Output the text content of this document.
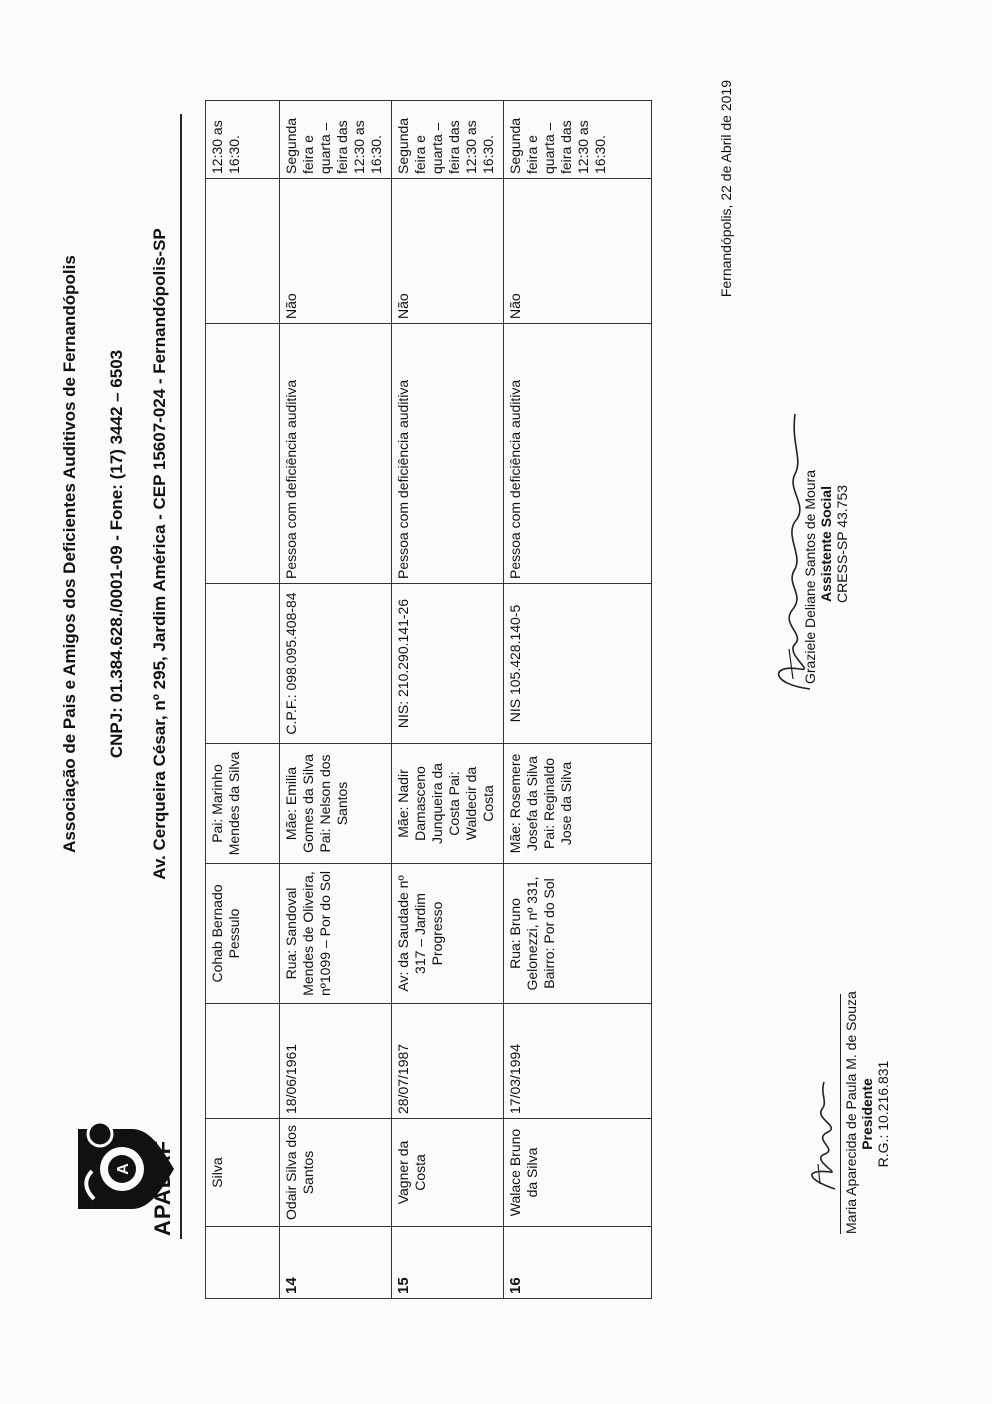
A APADAF
Associação de Pais e Amigos dos Deficientes Auditivos de Fernandópolis CNPJ: 01.384.628./0001-09 - Fone: (17) 3442 – 6503 Av. Cerqueira César, nº 295, Jardim América - CEP 15607-024 - Fernandópolis-SP
	Silva		Cohab Bernado Pessulo	Pai: Marinho Mendes da Silva				12:30 as 16:30.
14	Odair Silva dos Santos	18/06/1961	Rua: Sandoval Mendes de Oliveira, nº1099 – Por do Sol	Mãe: Emilia Gomes da Silva Pai: Nelson dos Santos	C.P.F.: 098.095.408-84	Pessoa com deficiência auditiva	Não	Segunda feira e quarta – feira das 12:30 as 16:30.
15	Vagner da Costa	28/07/1987	Av: da Saudade nº 317 – Jardim Progresso	Mãe: Nadir Damasceno Junqueira da Costa Pai: Waldecir da Costa	NIS: 210.290.141-26	Pessoa com deficiência auditiva	Não	Segunda feira e quarta – feira das 12:30 as 16:30.
16	Walace Bruno da Silva	17/03/1994	Rua: Bruno Gelonezzi, nº 331, Bairro: Por do Sol	Mãe: Rosemere Josefa da Silva Pai: Reginaldo Jose da Silva	NIS 105.428.140-5	Pessoa com deficiência auditiva	Não	Segunda feira e quarta – feira das 12:30 as 16:30.	Fernandópolis, 22 de Abril de 2019
Maria Aparecida de Paula M. de Souza Presidente R.G.: 10.216.831
Graziele Deliane Santos de Moura Assistente Social CRESS-SP 43.753
